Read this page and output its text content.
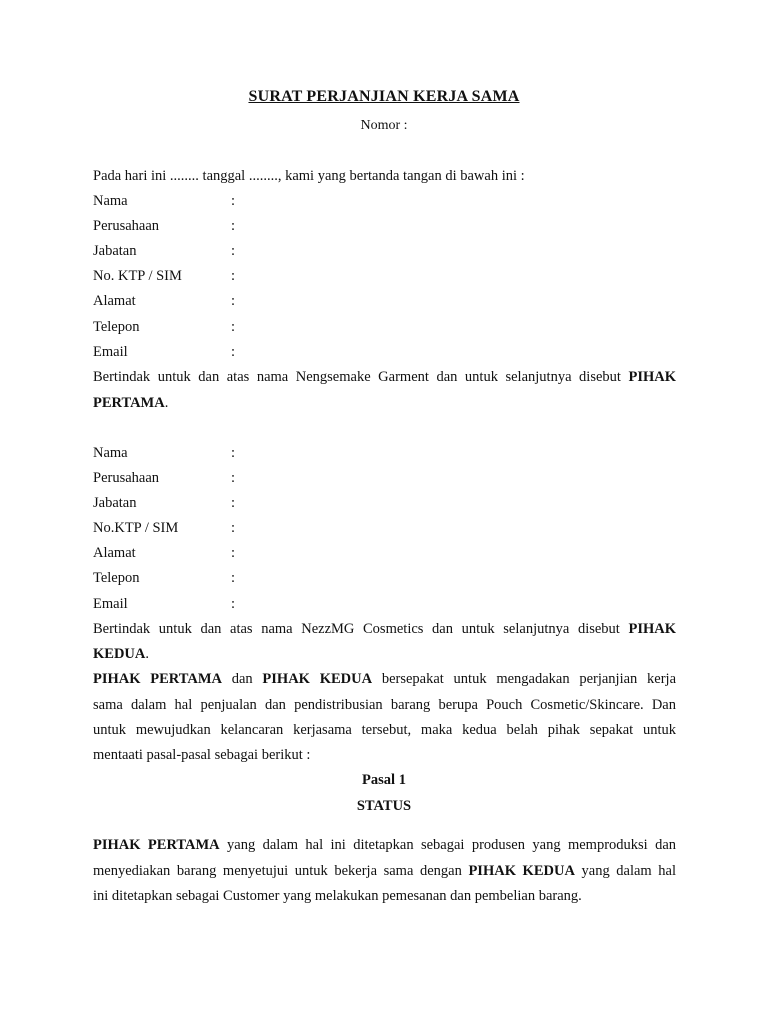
SURAT PERJANJIAN KERJA SAMA
Nomor :
Pada hari ini ........ tanggal ........, kami yang bertanda tangan di bawah ini :
Nama	:
Perusahaan	:
Jabatan	:
No. KTP / SIM	:
Alamat	:
Telepon	:
Email	:
Bertindak untuk dan atas nama Nengsemake Garment dan untuk selanjutnya disebut PIHAK
PERTAMA.
Nama	:
Perusahaan	:
Jabatan	:
No.KTP / SIM	:
Alamat	:
Telepon	:
Email	:
Bertindak untuk dan atas nama NezzMG Cosmetics dan untuk selanjutnya disebut PIHAK
KEDUA.
PIHAK PERTAMA dan PIHAK KEDUA bersepakat untuk mengadakan perjanjian kerja
sama dalam hal penjualan dan pendistribusian barang berupa Pouch Cosmetic/Skincare. Dan
untuk mewujudkan kelancaran kerjasama tersebut, maka kedua belah pihak sepakat untuk
mentaati pasal-pasal sebagai berikut :
Pasal 1
STATUS
PIHAK PERTAMA yang dalam hal ini ditetapkan sebagai produsen yang memproduksi dan
menyediakan barang menyetujui untuk bekerja sama dengan PIHAK KEDUA yang dalam hal
ini ditetapkan sebagai Customer yang melakukan pemesanan dan pembelian barang.
